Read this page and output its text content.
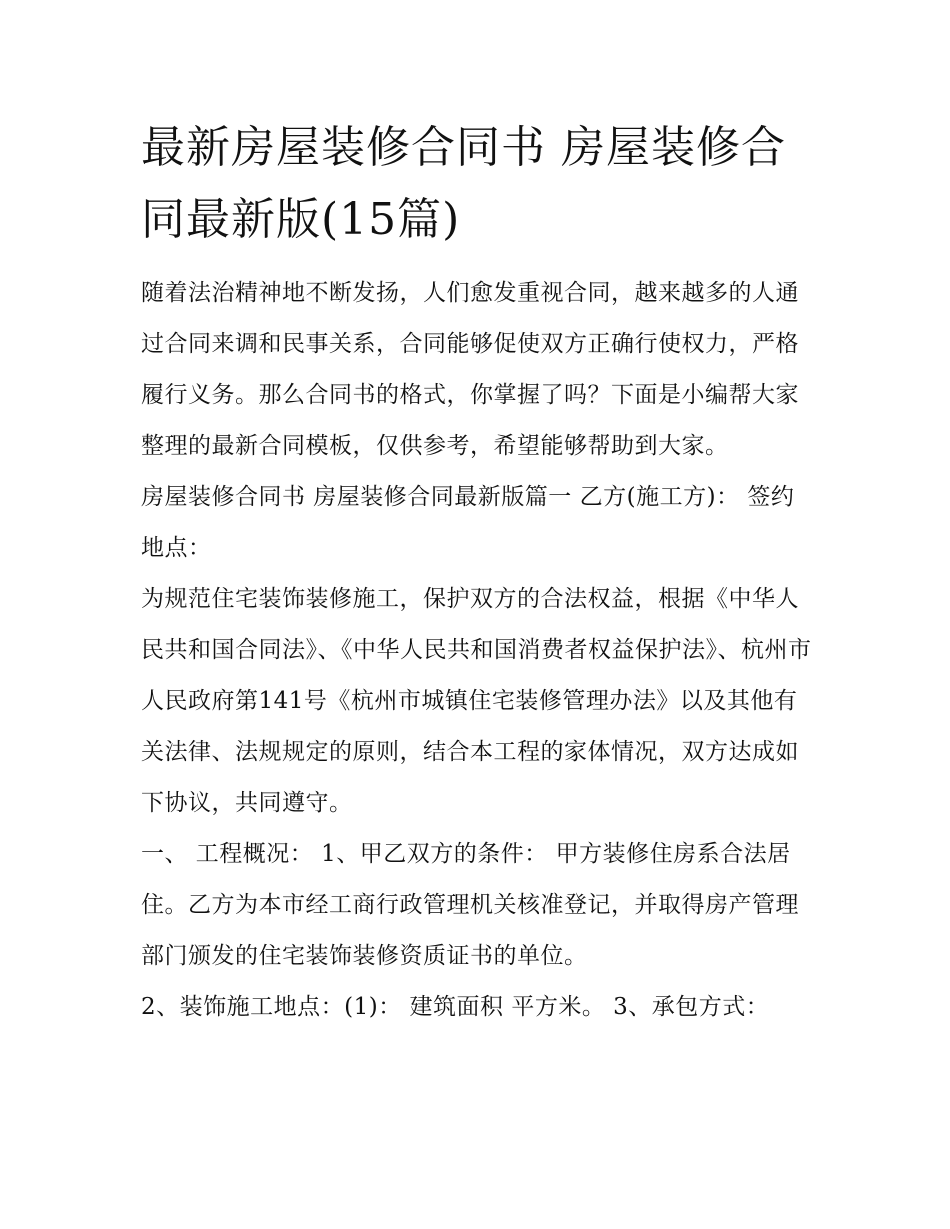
最新房屋装修合同书 房屋装修合同最新版(15篇)

随着法治精神地不断发扬，人们愈发重视合同，越来越多的人通过合同来调和民事关系，合同能够促使双方正确行使权力，严格履行义务。那么合同书的格式，你掌握了吗？下面是小编帮大家整理的最新合同模板，仅供参考，希望能够帮助到大家。

房屋装修合同书 房屋装修合同最新版篇一 乙方(施工方)： 签约地点：

为规范住宅装饰装修施工，保护双方的合法权益，根据《中华人民共和国合同法》、《中华人民共和国消费者权益保护法》、杭州市人民政府第141号《杭州市城镇住宅装修管理办法》以及其他有关法律、法规规定的原则，结合本工程的家体情况，双方达成如下协议，共同遵守。

一、 工程概况： 1、甲乙双方的条件： 甲方装修住房系合法居住。乙方为本市经工商行政管理机关核准登记，并取得房产管理部门颁发的住宅装饰装修资质证书的单位。

2、装饰施工地点：(1)： 建筑面积 平方米。 3、承包方式：
